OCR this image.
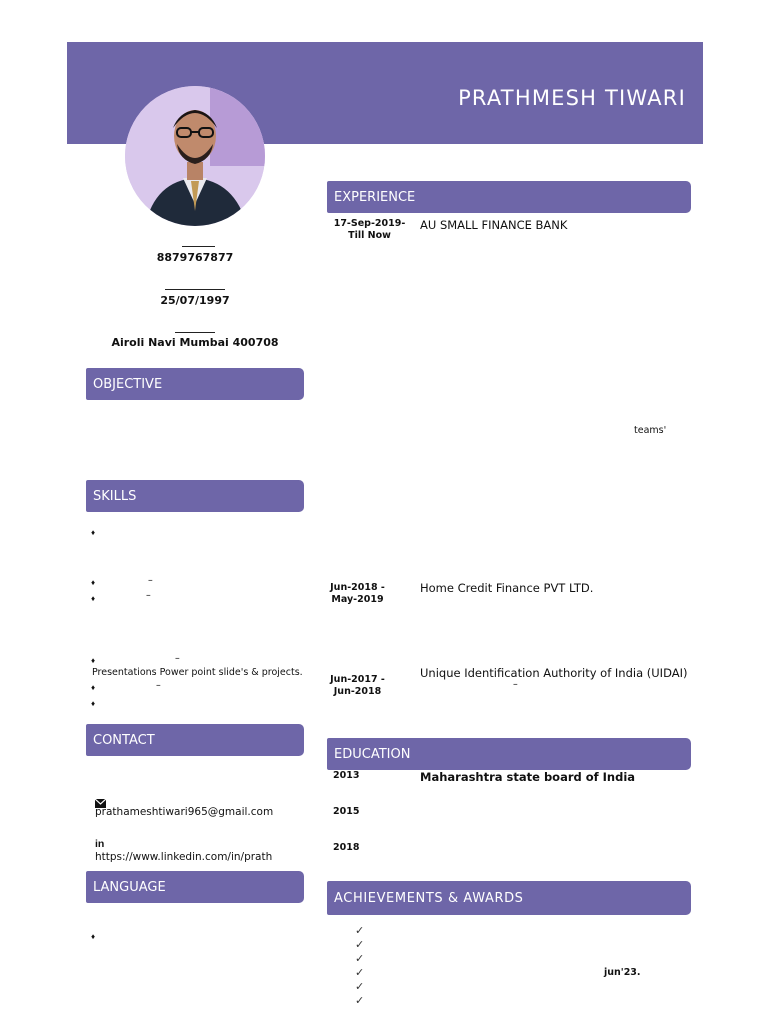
PRATHMESH TIWARI
8879767877
25/07/1997
Airoli Navi Mumbai 400708
OBJECTIVE
SKILLS
CONTACT
LANGUAGE
♦
♦	–
♦	–
♦	–
Presentations Power point slide's & projects.
♦	–
♦
prathameshtiwari965@gmail.com
in
https://www.linkedin.com/in/prath
♦
EXPERIENCE
17-Sep-2019-Till Now
AU SMALL FINANCE BANK
teams'
Jun-2018 - May-2019
Home Credit Finance PVT LTD.
Jun-2017 - Jun-2018
Unique Identification Authority of India (UIDAI)
–
EDUCATION
2013	Maharashtra state board of India
2015
2018
ACHIEVEMENTS & AWARDS
✓
✓
✓
✓	jun'23.
✓
✓
